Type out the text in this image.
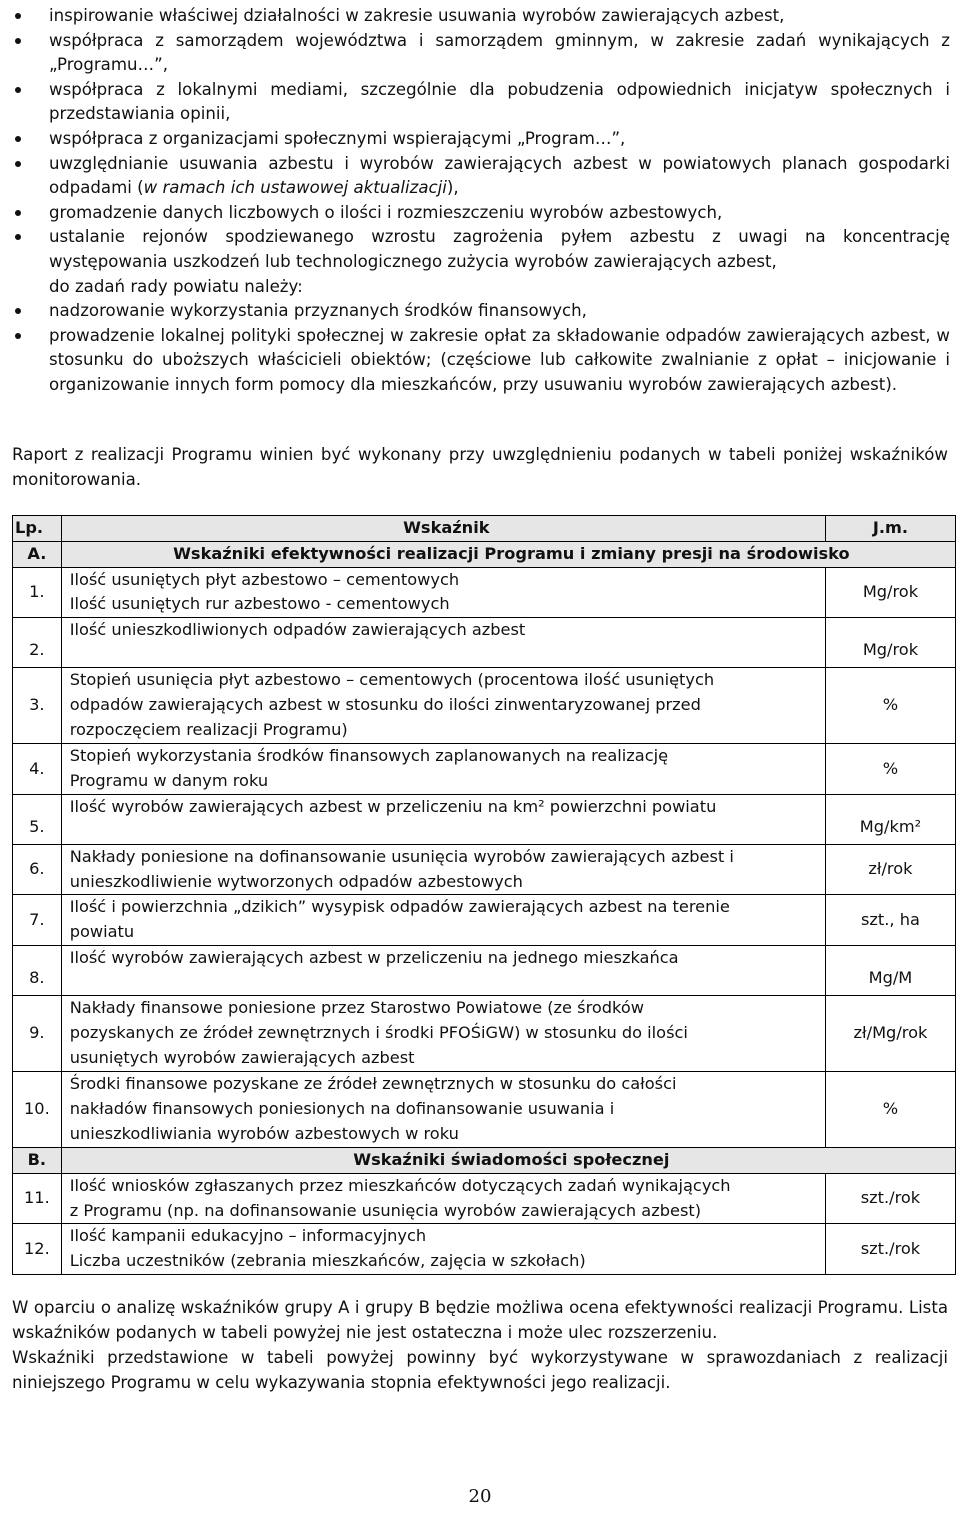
inspirowanie właściwej działalności w zakresie usuwania wyrobów zawierających azbest,
współpraca z samorządem województwa i samorządem gminnym, w zakresie zadań wynikających z „Programu…”,
współpraca z lokalnymi mediami, szczególnie dla pobudzenia odpowiednich inicjatyw społecznych i przedstawiania opinii,
współpraca z organizacjami społecznymi wspierającymi „Program…”,
uwzględnianie usuwania azbestu i wyrobów zawierających azbest w powiatowych planach gospodarki odpadami (w ramach ich ustawowej aktualizacji),
gromadzenie danych liczbowych o ilości i rozmieszczeniu wyrobów azbestowych,
ustalanie rejonów spodziewanego wzrostu zagrożenia pyłem azbestu z uwagi na koncentrację występowania uszkodzeń lub technologicznego zużycia wyrobów zawierających azbest,
do zadań rady powiatu należy:
nadzorowanie wykorzystania przyznanych środków finansowych,
prowadzenie lokalnej polityki społecznej w zakresie opłat za składowanie odpadów zawierających azbest, w stosunku do uboższych właścicieli obiektów; (częściowe lub całkowite zwalnianie z opłat – inicjowanie i organizowanie innych form pomocy dla mieszkańców, przy usuwaniu wyrobów zawierających azbest).
Raport z realizacji Programu winien być wykonany przy uwzględnieniu podanych w tabeli poniżej wskaźników monitorowania.
Lp.	Wskaźnik	J.m.
A.	Wskaźniki efektywności realizacji Programu i zmiany presji na środowisko	
1.	Ilość usuniętych płyt azbestowo – cementowych
Ilość usuniętych rur azbestowo - cementowych	Mg/rok
2.	Ilość unieszkodliwionych odpadów zawierających azbest	Mg/rok
3.	Stopień usunięcia płyt azbestowo – cementowych (procentowa ilość usuniętych
odpadów zawierających azbest w stosunku do ilości zinwentaryzowanej przed
rozpoczęciem realizacji Programu)	%
4.	Stopień wykorzystania środków finansowych zaplanowanych na realizację
Programu w danym roku	%
5.	Ilość wyrobów zawierających azbest w przeliczeniu na km² powierzchni powiatu	Mg/km²
6.	Nakłady poniesione na dofinansowanie usunięcia wyrobów zawierających azbest i
unieszkodliwienie wytworzonych odpadów azbestowych	zł/rok
7.	Ilość i powierzchnia „dzikich” wysypisk odpadów zawierających azbest na terenie
powiatu	szt., ha
8.	Ilość wyrobów zawierających azbest w przeliczeniu na jednego mieszkańca	Mg/M
9.	Nakłady finansowe poniesione przez Starostwo Powiatowe (ze środków
pozyskanych ze źródeł zewnętrznych i środki PFOŚiGW) w stosunku do ilości
usuniętych wyrobów zawierających azbest	zł/Mg/rok
10.	Środki finansowe pozyskane ze źródeł zewnętrznych w stosunku do całości
nakładów finansowych poniesionych na dofinansowanie usuwania i
unieszkodliwiania wyrobów azbestowych w roku	%
B.	Wskaźniki świadomości społecznej	
11.	Ilość wniosków zgłaszanych przez mieszkańców dotyczących zadań wynikających
z Programu (np. na dofinansowanie usunięcia wyrobów zawierających azbest)	szt./rok
12.	Ilość kampanii edukacyjno – informacyjnych
Liczba uczestników (zebrania mieszkańców, zajęcia w szkołach)	szt./rok
W oparciu o analizę wskaźników grupy A i grupy B będzie możliwa ocena efektywności realizacji Programu. Lista wskaźników podanych w tabeli powyżej nie jest ostateczna i może ulec rozszerzeniu.
Wskaźniki przedstawione w tabeli powyżej powinny być wykorzystywane w sprawozdaniach z realizacji niniejszego Programu w celu wykazywania stopnia efektywności jego realizacji.
20
